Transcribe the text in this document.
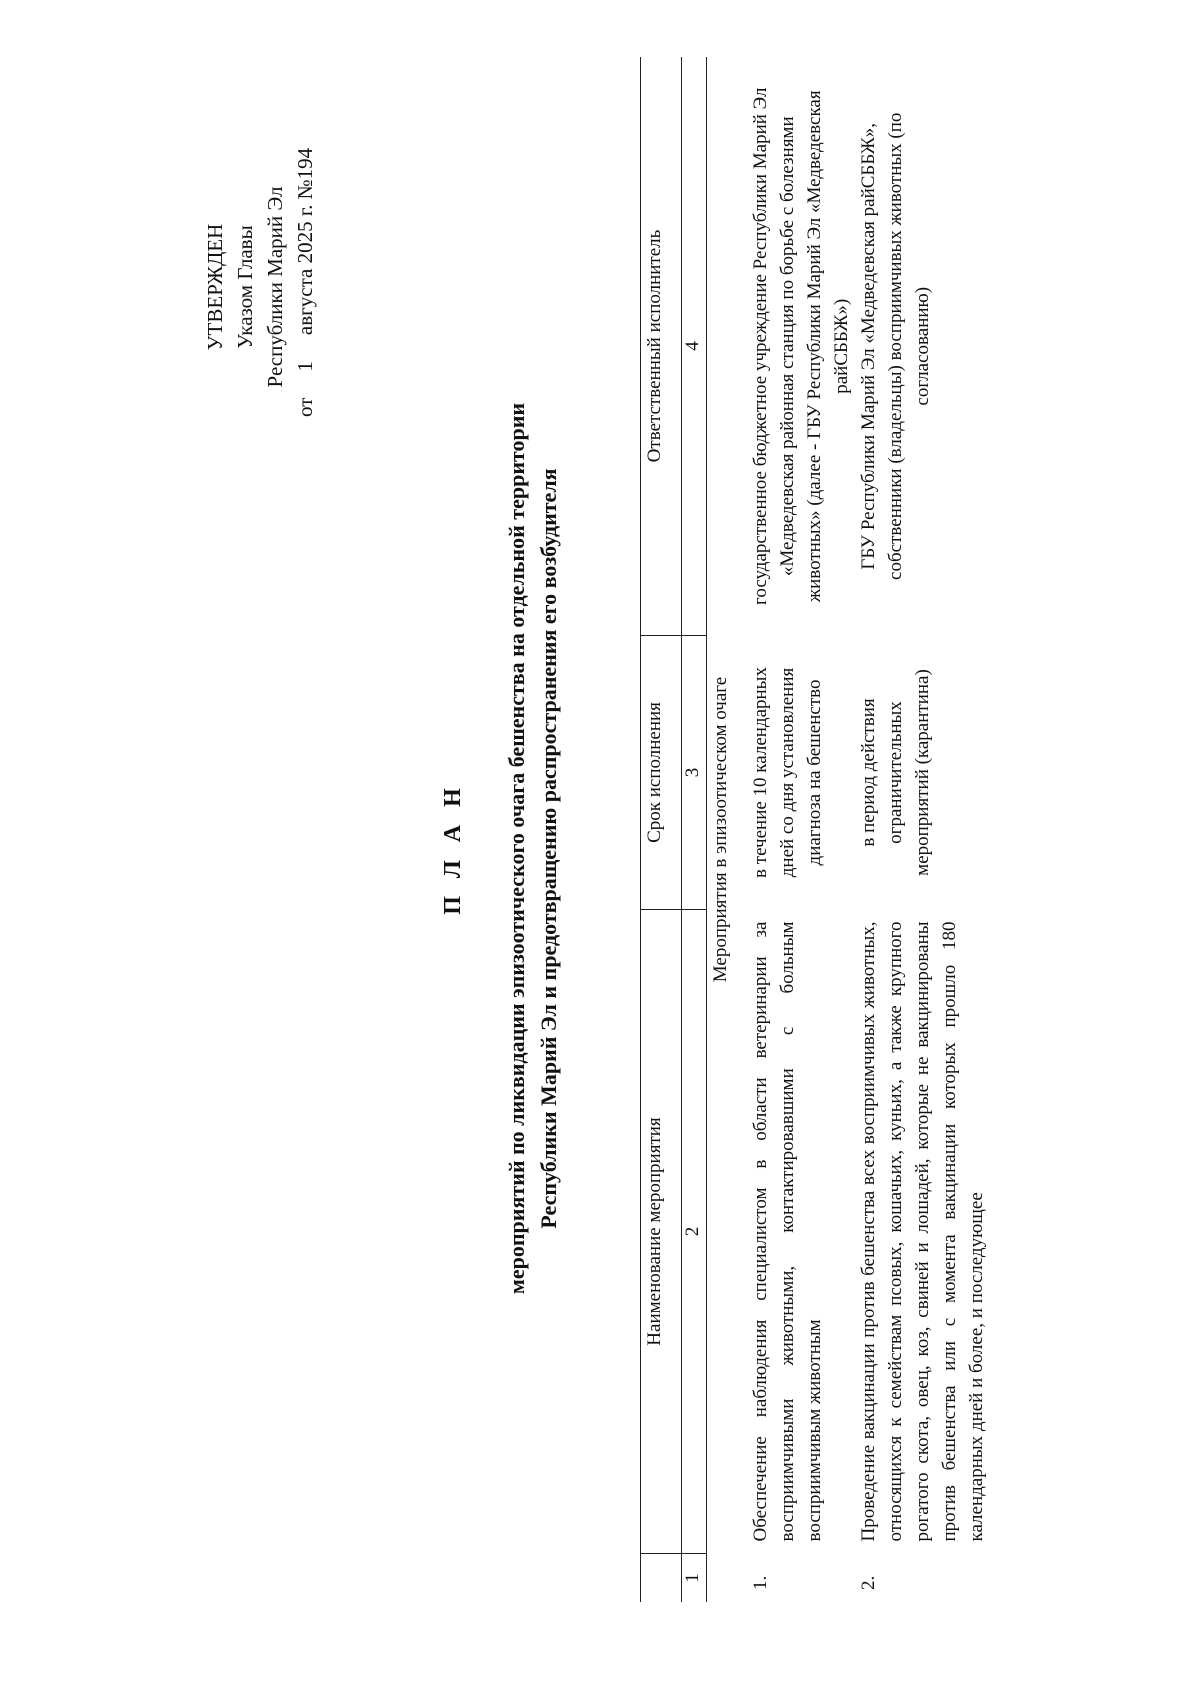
УТВЕРЖДЕН Указом Главы Республики Марий Эл
от1августа 2025 г. №194
П Л А Н мероприятий по ликвидации эпизоотического очага бешенства на отдельной территории Республики Марий Эл и предотвращению распространения его возбудителя
	Наименование мероприятия	Срок исполнения	Ответственный исполнитель
1	2	3	4
Мероприятия в эпизоотическом очаге			
1.	Обеспечение наблюдения специалистом в области ветеринарии за восприимчивыми животными, контактировавшими с больным восприимчивым животным	в течение 10 календарных дней со дня установления диагноза на бешенство	государственное бюджетное учреждение Республики Марий Эл «Медведевская районная станция по борьбе с болезнями животных» (далее - ГБУ Республики Марий Эл «Медведевская райСББЖ»)
2.	Проведение вакцинации против бешенства всех восприимчивых животных, относящихся к семействам псовых, кошачьих, куньих, а также крупного рогатого скота, овец, коз, свиней и лошадей, которые не вакцинированы против бешенства или с момента вакцинации которых прошло 180 календарных дней и более, и последующее	в период действия ограничительных мероприятий (карантина)	ГБУ Республики Марий Эл «Медведевская райСББЖ», собственники (владельцы) восприимчивых животных (по согласованию)
